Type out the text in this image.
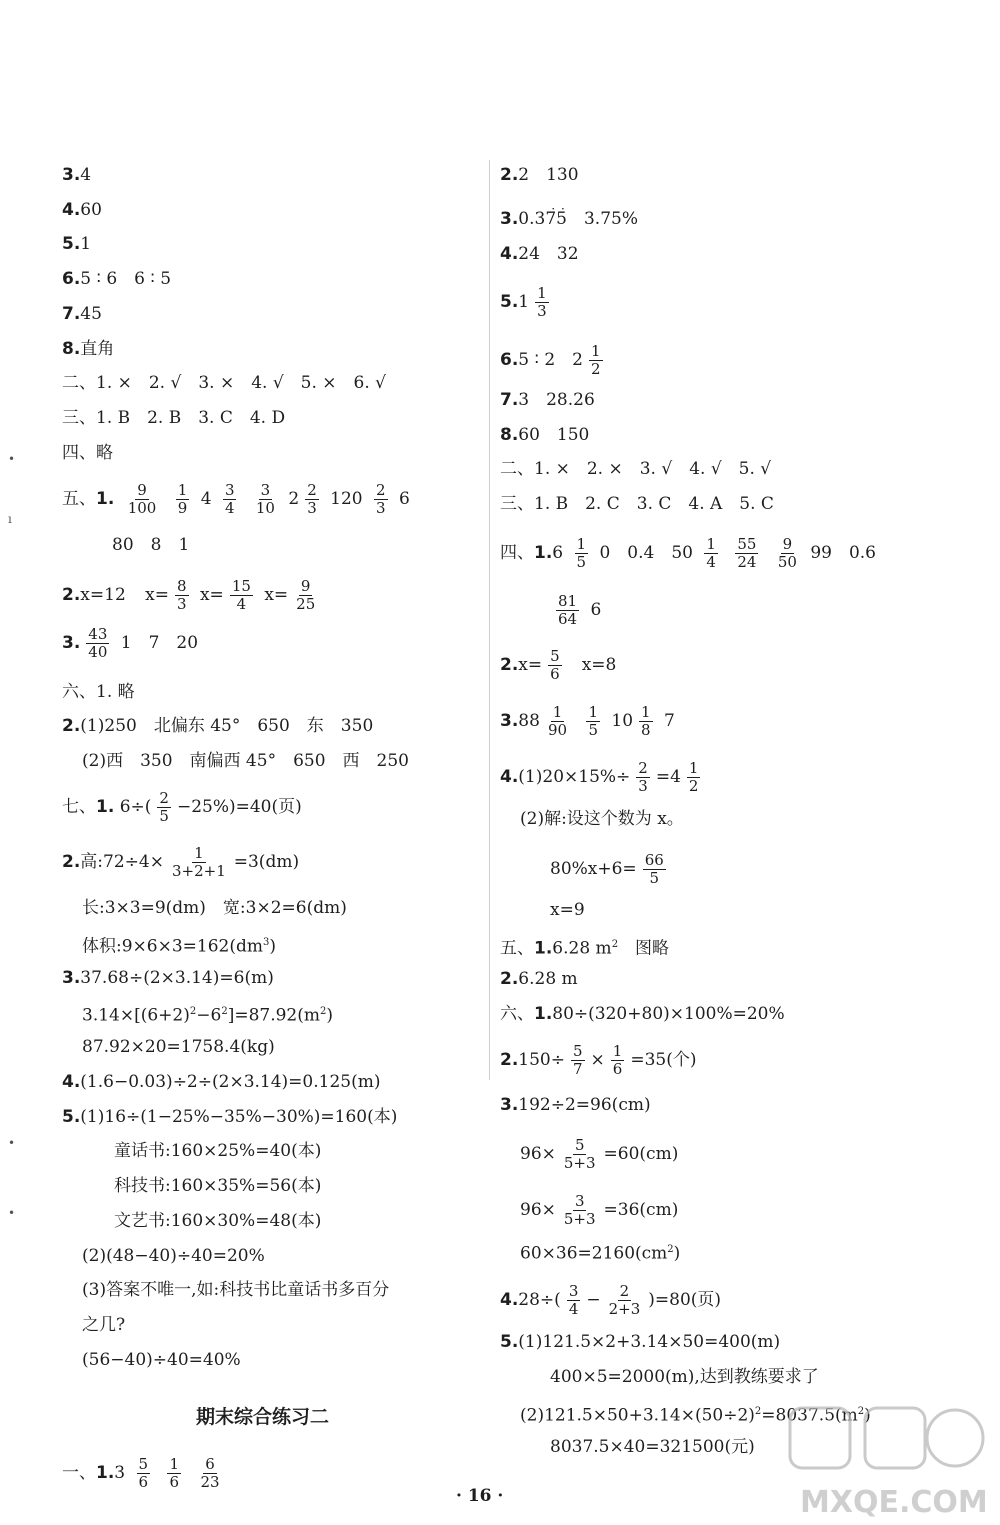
•
ı
•
•
3.4
4.60
5.1
6.5 ∶ 6　6 ∶ 5
7.45
8.直角
二、1. ×　2. √　3. ×　4. √　5. ×　6. √
三、1. B　2. B　3. C　4. D
四、略
五、1. $\frac{9}{100}$
$\frac{1}{9} 4 \frac{3}{4}$
$\frac{3}{10} 2 \frac{2}{3} 120 \frac{2}{3} 6$
80　8　1
2.x=12 $x= \frac{8}{3} x= \frac{15}{4} x= \frac{9}{25}$
3. $\frac{43}{40} 1$　7　20
六、1. 略
2.(1)250　北偏东 45°　650　东　350
(2)西　350　南偏西 45°　650　西　250
七、1. $6\div( \frac{2}{5} -25\%)=40$(页)
2.高:72÷4× $\frac{1}{3+2+1} =3(dm)$
长:3×3=9(dm)　宽:3×2=6(dm)
体积$:9\times 6\times 3=162(dm^3)$
3.37.68÷(2×3.14)=6(m)
$3.14\times[(6+2)^2-6^2]=87.92(m^2)$
87.92×20=1758.4(kg)
4.(1.6−0.03)÷2÷(2×3.14)=0.125(m)
5.(1)16÷(1−25%−35%−30%)=160(本)
童话书:160×25%=40(本)
科技书:160×35%=56(本)
文艺书:160×30%=48(本)
(2)(48−40)÷40=20%
(3)答案不唯一,如:科技书比童话书多百分
之几?
(56−40)÷40=40%
一、$1.3 \frac{5}{6}$
$\frac{1}{6}$
$\frac{6}{23}$
期末综合练习二
2.2　130
3.0.3· · 75　3.75%
4.24　32
$5.1 \frac{1}{3}$
6.5 ∶ 2　$2 \frac{1}{2}$
7.3　28.26
8.60　150
二、1. ×　2. ×　3. √　4. √　5. √
三、1. B　2. C　3. C　4. A　5. C
四、$1.6 \frac{1}{5} 0$　0.4　$50 \frac{1}{4}$
$\frac{55}{24}$
$\frac{9}{50} 99$　0.6
$\frac{81}{64} 6$
$2.x= \frac{5}{6} x=8$
$3.88 \frac{1}{90}$
$\frac{1}{5} 10 \frac{1}{8} 7$
$4.(1)20\times 15\%\div \frac{2}{3} =4 \frac{1}{2}$
(2)解:设这个数为 x。
$80\%x+6= \frac{66}{5}$
x=9
五、1.6.28 $m^2$　图略
2.6.28 m
六、1.80÷(320+80)×100%=20%
$2.150\div \frac{5}{7} \times \frac{1}{6} =35$(个)
3.192÷2=96(cm)
$96\times \frac{5}{5+3} =60(cm)$
$96\times \frac{3}{5+3} =36(cm)$
$60\times 36=2160(cm^2)$
$4.28\div( \frac{3}{4} - \frac{2}{2+3} )=80$(页)
5.(1)121.5×2+3.14×50=400(m)
400×5=2000(m),达到教练要求了
$(2)121.5\times 50+3.14\times(50\div 2)^2=8037.5(m^2)$
8037.5×40=321500(元)
· 16 ·	MXQE.COM
